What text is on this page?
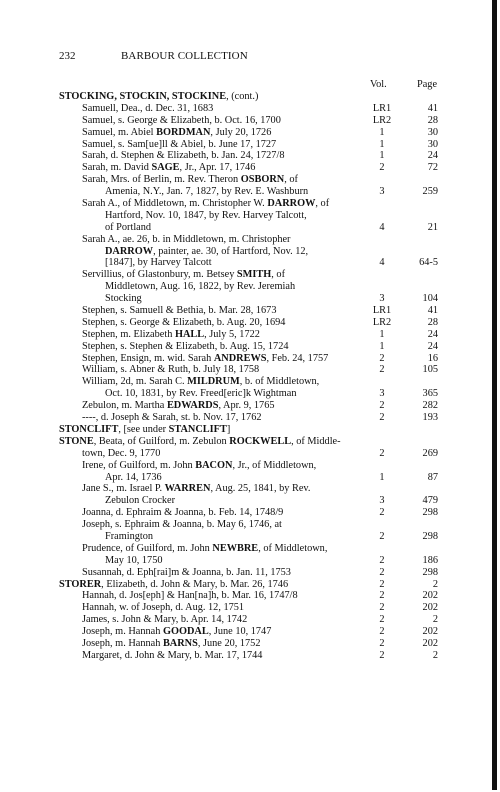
232	BARBOUR COLLECTION
Vol.	Page
STOCKING, STOCKIN, STOCKINE, (cont.)
Samuell, Dea., d. Dec. 31, 1683	LR1	41
Samuel, s. George & Elizabeth, b. Oct. 16, 1700	LR2	28
Samuel, m. Abiel BORDMAN, July 20, 1726	1	30
Samuel, s. Sam[ue]ll & Abiel, b. June 17, 1727	1	30
Sarah, d. Stephen & Elizabeth, b. Jan. 24, 1727/8	1	24
Sarah, m. David SAGE, Jr., Apr. 17, 1746	2	72
Sarah, Mrs. of Berlin, m. Rev. Theron OSBORN, of
Amenia, N.Y., Jan. 7, 1827, by Rev. E. Washburn	3	259
Sarah A., of Middletown, m. Christopher W. DARROW, of
Hartford, Nov. 10, 1847, by Rev. Harvey Talcott,
of Portland	4	21
Sarah A., ae. 26, b. in Middletown, m. Christopher
DARROW, painter, ae. 30, of Hartford, Nov. 12,
[1847], by Harvey Talcott	4	64-5
Servillius, of Glastonbury, m. Betsey SMITH, of
Middletown, Aug. 16, 1822, by Rev. Jeremiah
Stocking	3	104
Stephen, s. Samuell & Bethia, b. Mar. 28, 1673	LR1	41
Stephen, s. George & Elizabeth, b. Aug. 20, 1694	LR2	28
Stephen, m. Elizabeth HALL, July 5, 1722	1	24
Stephen, s. Stephen & Elizabeth, b. Aug. 15, 1724	1	24
Stephen, Ensign, m. wid. Sarah ANDREWS, Feb. 24, 1757	2	16
William, s. Abner & Ruth, b. July 18, 1758	2	105
William, 2d, m. Sarah C. MILDRUM, b. of Middletown,
Oct. 10, 1831, by Rev. Freed[eric]k Wightman	3	365
Zebulon, m. Martha EDWARDS, Apr. 9, 1765	2	282
----, d. Joseph & Sarah, st. b. Nov. 17, 1762	2	193
STONCLIFT, [see under STANCLIFT]
STONE, Beata, of Guilford, m. Zebulon ROCKWELL, of Middle-
town, Dec. 9, 1770	2	269
Irene, of Guilford, m. John BACON, Jr., of Middletown,
Apr. 14, 1736	1	87
Jane S., m. Israel P. WARREN, Aug. 25, 1841, by Rev.
Zebulon Crocker	3	479
Joanna, d. Ephraim & Joanna, b. Feb. 14, 1748/9	2	298
Joseph, s. Ephraim & Joanna, b. May 6, 1746, at
Framington	2	298
Prudence, of Guilford, m. John NEWBRE, of Middletown,
May 10, 1750	2	186
Susannah, d. Eph[rai]m & Joanna, b. Jan. 11, 1753	2	298
STORER, Elizabeth, d. John & Mary, b. Mar. 26, 1746	2	2
Hannah, d. Jos[eph] & Han[na]h, b. Mar. 16, 1747/8	2	202
Hannah, w. of Joseph, d. Aug. 12, 1751	2	202
James, s. John & Mary, b. Apr. 14, 1742	2	2
Joseph, m. Hannah GOODAL, June 10, 1747	2	202
Joseph, m. Hannah BARNS, June 20, 1752	2	202
Margaret, d. John & Mary, b. Mar. 17, 1744	2	2
